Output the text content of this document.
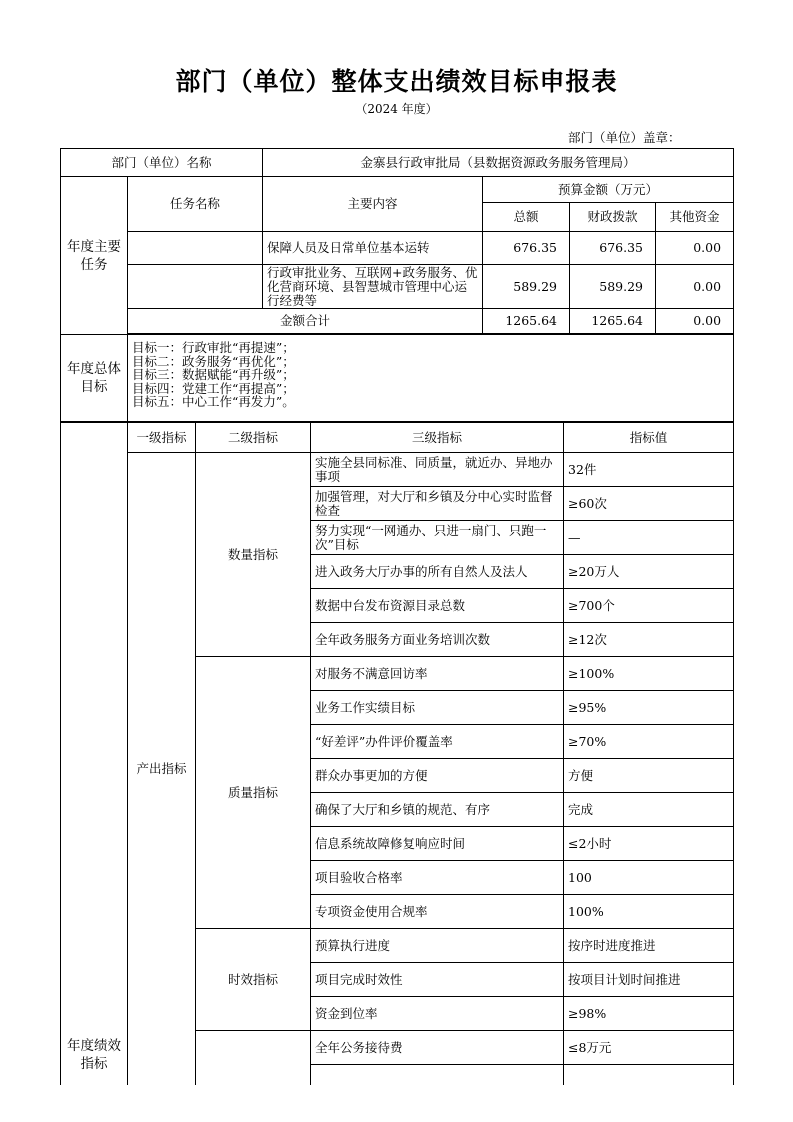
部门（单位）整体支出绩效目标申报表
（2024 年度）
部门（单位）盖章：
部门（单位）名称		金寨县行政审批局（县数据资源政务服务管理局）			
年度主要任务	任务名称	主要内容	预算金额（万元）		
			总额	财政拨款	其他资金
		保障人员及日常单位基本运转	676.35	676.35	0.00
		行政审批业务、互联网+政务服务、优化营商环境、县智慧城市管理中心运行经费等	589.29	589.29	0.00
	金额合计		1265.64	1265.64	0.00

年度总体目标	目标一：行政审批“再提速”；
目标二：政务服务“再优化”；
目标三：数据赋能“再升级”；
目标四：党建工作“再提高”；
目标五：中心工作“再发力”。				
年度绩效指标	一级指标	二级指标	三级指标	指标值
	产出指标	数量指标	实施全县同标准、同质量，就近办、异地办事项	32件
			加强管理，对大厅和乡镇及分中心实时监督检查	≥60次
			努力实现“一网通办、只进一扇门、只跑一次”目标	—
			进入政务大厅办事的所有自然人及法人	≥20万人
			数据中台发布资源目录总数	≥700个
			全年政务服务方面业务培训次数	≥12次
		质量指标	对服务不满意回访率	≥100%
			业务工作实绩目标	≥95%
			“好差评”办件评价覆盖率	≥70%
			群众办事更加的方便	方便
			确保了大厅和乡镇的规范、有序	完成
			信息系统故障修复响应时间	≤2小时
			项目验收合格率	100
			专项资金使用合规率	100%
		时效指标	预算执行进度	按序时进度推进
			项目完成时效性	按项目计划时间推进
			资金到位率	≥98%
			全年公务接待费	≤8万元
